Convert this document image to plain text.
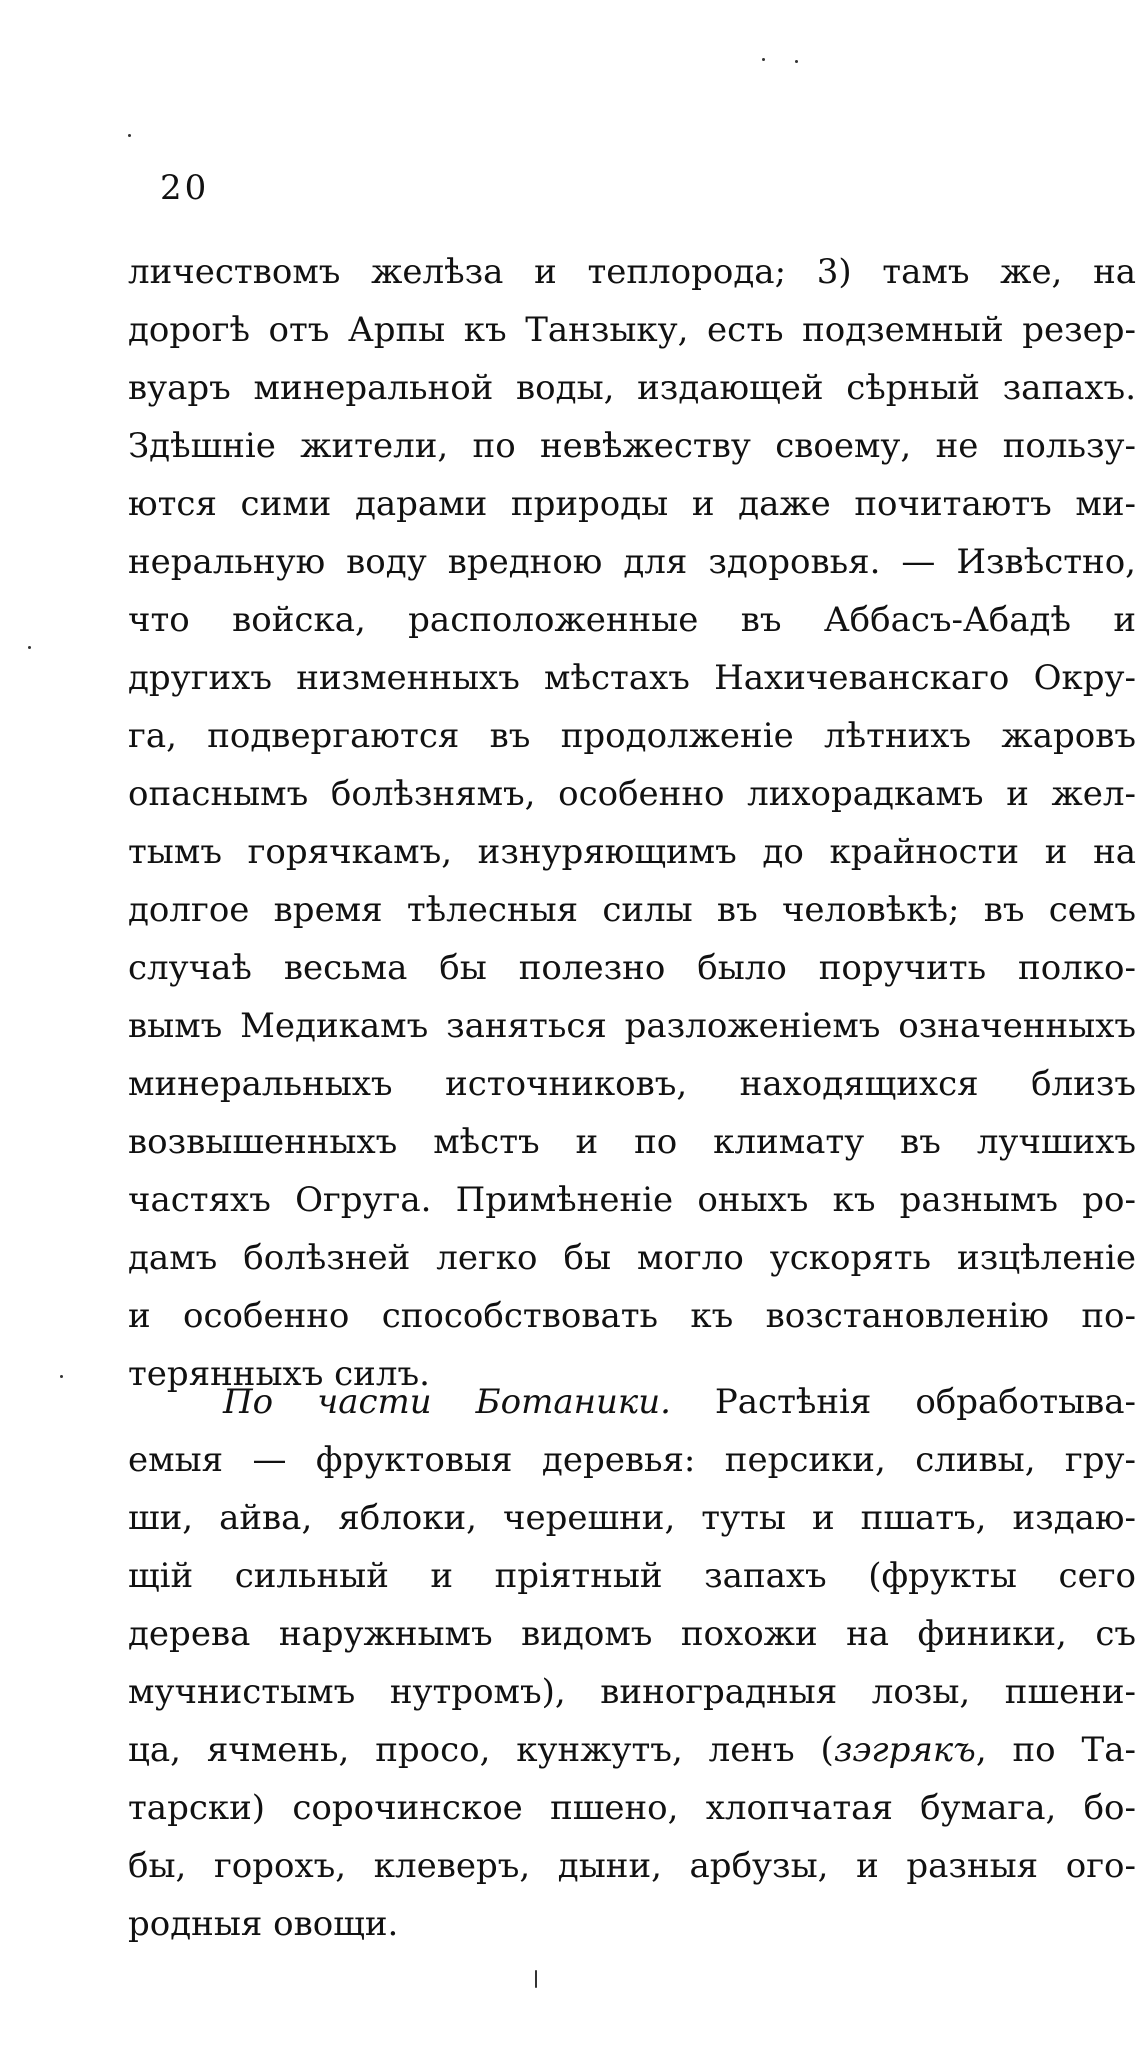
20
личествомъ желѣза и теплорода; 3) тамъ же, на
дорогѣ отъ Арпы къ Танзыку, есть подземный резер-
вуаръ минеральной воды, издающей сѣрный запахъ.
Здѣшніе жители, по невѣжеству своему, не пользу-
ются сими дарами природы и даже почитаютъ ми-
неральную воду вредною для здоровья. — Извѣстно,
что войска, расположенные въ Аббасъ-Абадѣ и
другихъ низменныхъ мѣстахъ Нахичеванскаго Окру-
га, подвергаются въ продолженіе лѣтнихъ жаровъ
опаснымъ болѣзнямъ, особенно лихорадкамъ и жел-
тымъ горячкамъ, изнуряющимъ до крайности и на
долгое время тѣлесныя силы въ человѣкѣ; въ семъ
случаѣ весьма бы полезно было поручить полко-
вымъ Медикамъ заняться разложеніемъ означенныхъ
минеральныхъ источниковъ, находящихся близъ
возвышенныхъ мѣстъ и по климату въ лучшихъ
частяхъ Огруга. Примѣненіе оныхъ къ разнымъ ро-
дамъ болѣзней легко бы могло ускорять изцѣленіе
и особенно способствовать къ возстановленію по-
терянныхъ силъ.
По части Ботаники. Растѣнія обработыва-
емыя — фруктовыя деревья: персики, сливы, гру-
ши, айва, яблоки, черешни, туты и пшатъ, издаю-
щій сильный и пріятный запахъ (фрукты сего
дерева наружнымъ видомъ похожи на финики, съ
мучнистымъ нутромъ), виноградныя лозы, пшени-
ца, ячмень, просо, кунжутъ, ленъ (зэгрякъ, по Та-
тарски) сорочинское пшено, хлопчатая бумага, бо-
бы, горохъ, клеверъ, дыни, арбузы, и разныя ого-
родныя овощи.
